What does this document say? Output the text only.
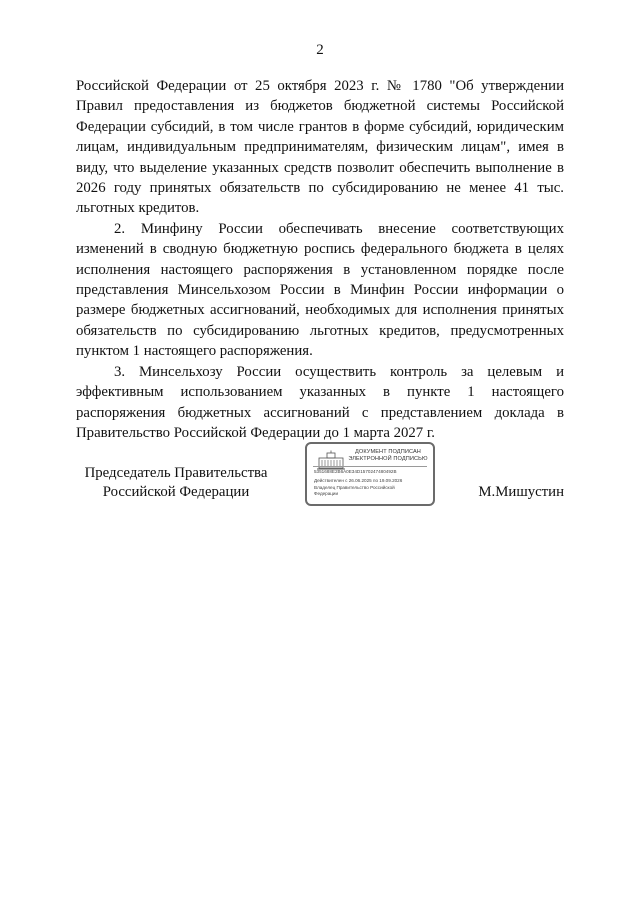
2

Российской Федерации от 25 октября 2023 г. № 1780 "Об утверждении Правил предоставления из бюджетов бюджетной системы Российской Федерации субсидий, в том числе грантов в форме субсидий, юридическим лицам, индивидуальным предпринимателям, физическим лицам", имея в виду, что выделение указанных средств позволит обеспечить выполнение в 2026 году принятых обязательств по субсидированию не менее 41 тыс. льготных кредитов.

2. Минфину России обеспечивать внесение соответствующих изменений в сводную бюджетную роспись федерального бюджета в целях исполнения настоящего распоряжения в установленном порядке после представления Минсельхозом России в Минфин России информации о размере бюджетных ассигнований, необходимых для исполнения принятых обязательств по субсидированию льготных кредитов, предусмотренных пунктом 1 настоящего распоряжения.

3. Минсельхозу России осуществить контроль за целевым и эффективным использованием указанных в пункте 1 настоящего распоряжения бюджетных ассигнований с представлением доклада в Правительство Российской Федерации до 1 марта 2027 г.

Председатель Правительства
Российской Федерации
ДОКУМЕНТ ПОДПИСАН
ЭЛЕКТРОННОЙ ПОДПИСЬЮ
5351688E2B6A0E34D1570247480492B
Действителен с 26.06.2025 по 19.09.2026
Владелец Правительство Российской
Федерации	М.Мишустин
